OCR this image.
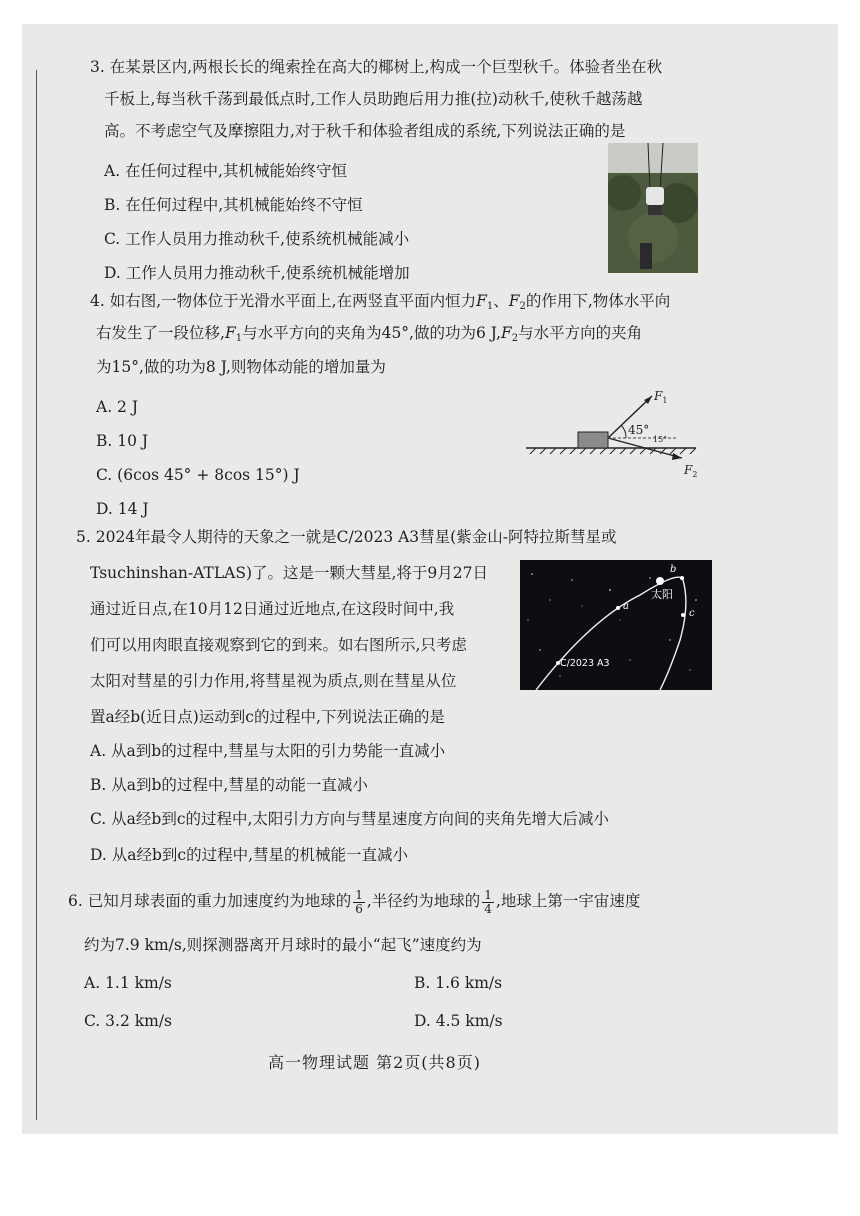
3. 在某景区内,两根长长的绳索拴在高大的椰树上,构成一个巨型秋千。体验者坐在秋
千板上,每当秋千荡到最低点时,工作人员助跑后用力推(拉)动秋千,使秋千越荡越
高。不考虑空气及摩擦阻力,对于秋千和体验者组成的系统,下列说法正确的是
A. 在任何过程中,其机械能始终守恒
B. 在任何过程中,其机械能始终不守恒
C. 工作人员用力推动秋千,使系统机械能减小
D. 工作人员用力推动秋千,使系统机械能增加
4. 如右图,一物体位于光滑水平面上,在两竖直平面内恒力$F_1$、$F_2$的作用下,物体水平向
右发生了一段位移$,F_1$与水平方向的夹角为45°,做的功为6 $J,F_2$与水平方向的夹角
为15°,做的功为8 J,则物体动能的增加量为
A. 2 J
B. 10 J
C. (6cos 45° + 8cos 15°) J
D. 14 J
45°
15°
$F_1$
$F_2$
5. 2024年最令人期待的天象之一就是C/2023 A3彗星(紫金山-阿特拉斯彗星或
Tsuchinshan-ATLAS)了。这是一颗大彗星,将于9月27日
通过近日点,在10月12日通过近地点,在这段时间中,我
们可以用肉眼直接观察到它的到来。如右图所示,只考虑
太阳对彗星的引力作用,将彗星视为质点,则在彗星从位
置a经b(近日点)运动到c的过程中,下列说法正确的是
A. 从a到b的过程中,彗星与太阳的引力势能一直减小
B. 从a到b的过程中,彗星的动能一直减小
C. 从a经b到c的过程中,太阳引力方向与彗星速度方向间的夹角先增大后减小
D. 从a经b到c的过程中,彗星的机械能一直减小
太阳
a
b
c
C/2023 A3
6. 已知月球表面的重力加速度约为地球的 $\frac{1}{6}$ ,半径约为地球的 $\frac{1}{4}$ ,地球上第一宇宙速度
约为7.9 km/s,则探测器离开月球时的最小“起飞”速度约为
A. 1.1 km/s	B. 1.6 km/s
C. 3.2 km/s	D. 4.5 km/s
高一物理试题 第2页(共8页)
